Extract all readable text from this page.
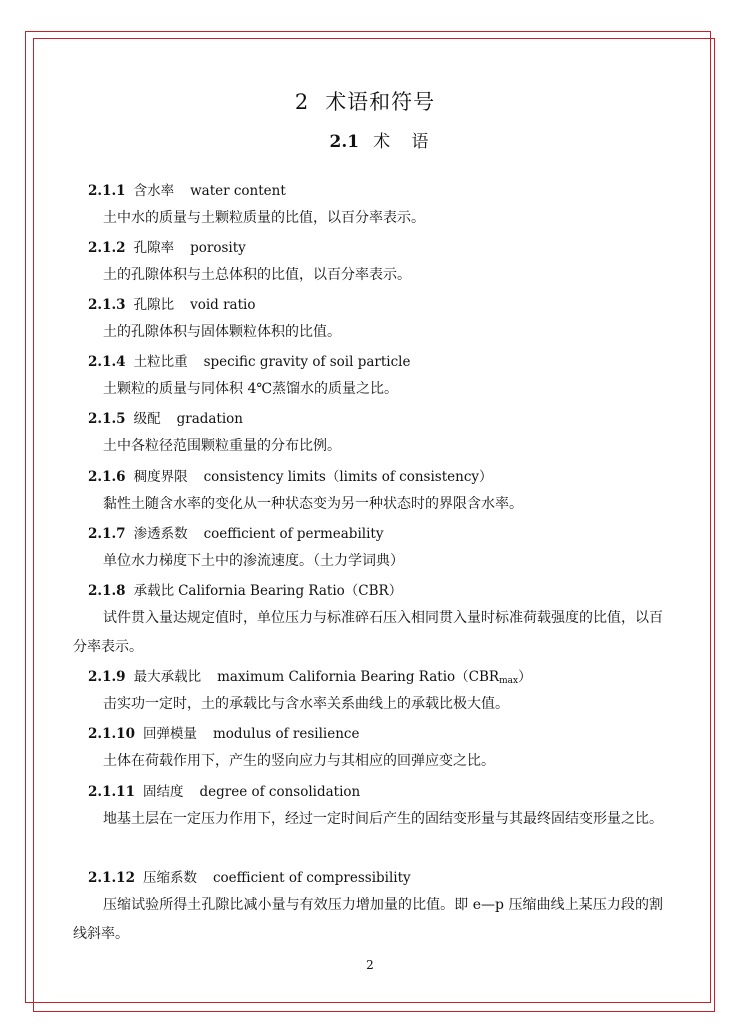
2 术语和符号
2.1 术 语
2.1.1 含水率 water content
土中水的质量与土颗粒质量的比值，以百分率表示。
2.1.2 孔隙率 porosity
土的孔隙体积与土总体积的比值，以百分率表示。
2.1.3 孔隙比 void ratio
土的孔隙体积与固体颗粒体积的比值。
2.1.4 土粒比重 specific gravity of soil particle
土颗粒的质量与同体积 4℃蒸馏水的质量之比。
2.1.5 级配 gradation
土中各粒径范围颗粒重量的分布比例。
2.1.6 稠度界限 consistency limits（limits of consistency）
黏性土随含水率的变化从一种状态变为另一种状态时的界限含水率。
2.1.7 渗透系数 coefficient of permeability
单位水力梯度下土中的渗流速度。（土力学词典）
2.1.8 承载比 California Bearing Ratio（CBR）
试件贯入量达规定值时，单位压力与标准碎石压入相同贯入量时标准荷载强度的比值，以百分率表示。
2.1.9 最大承载比 maximum California Bearing $Ratio(CBR_{max})$
击实功一定时，土的承载比与含水率关系曲线上的承载比极大值。
2.1.10 回弹模量 modulus of resilience
土体在荷载作用下，产生的竖向应力与其相应的回弹应变之比。
2.1.11 固结度 degree of consolidation
地基土层在一定压力作用下，经过一定时间后产生的固结变形量与其最终固结变形量之比。
2.1.12 压缩系数 coefficient of compressibility
压缩试验所得土孔隙比减小量与有效压力增加量的比值。即 e—p 压缩曲线上某压力段的割线斜率。
2
